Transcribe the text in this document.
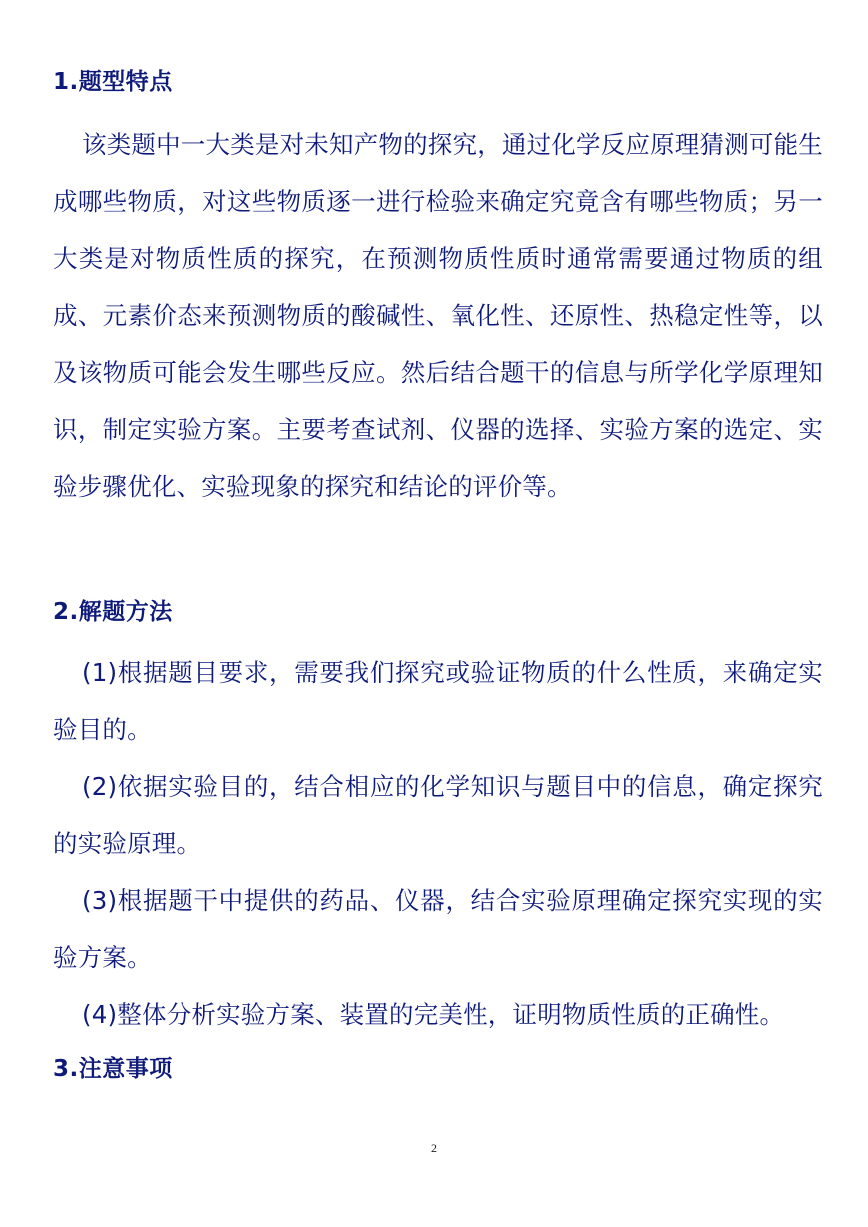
1.题型特点

该类题中一大类是对未知产物的探究，通过化学反应原理猜测可能生成哪些物质，对这些物质逐一进行检验来确定究竟含有哪些物质；另一大类是对物质性质的探究，在预测物质性质时通常需要通过物质的组成、元素价态来预测物质的酸碱性、氧化性、还原性、热稳定性等，以及该物质可能会发生哪些反应。然后结合题干的信息与所学化学原理知识，制定实验方案。主要考查试剂、仪器的选择、实验方案的选定、实验步骤优化、实验现象的探究和结论的评价等。

2.解题方法

(1)根据题目要求，需要我们探究或验证物质的什么性质，来确定实验目的。

(2)依据实验目的，结合相应的化学知识与题目中的信息，确定探究的实验原理。

(3)根据题干中提供的药品、仪器，结合实验原理确定探究实现的实验方案。

(4)整体分析实验方案、装置的完美性，证明物质性质的正确性。

3.注意事项
2
